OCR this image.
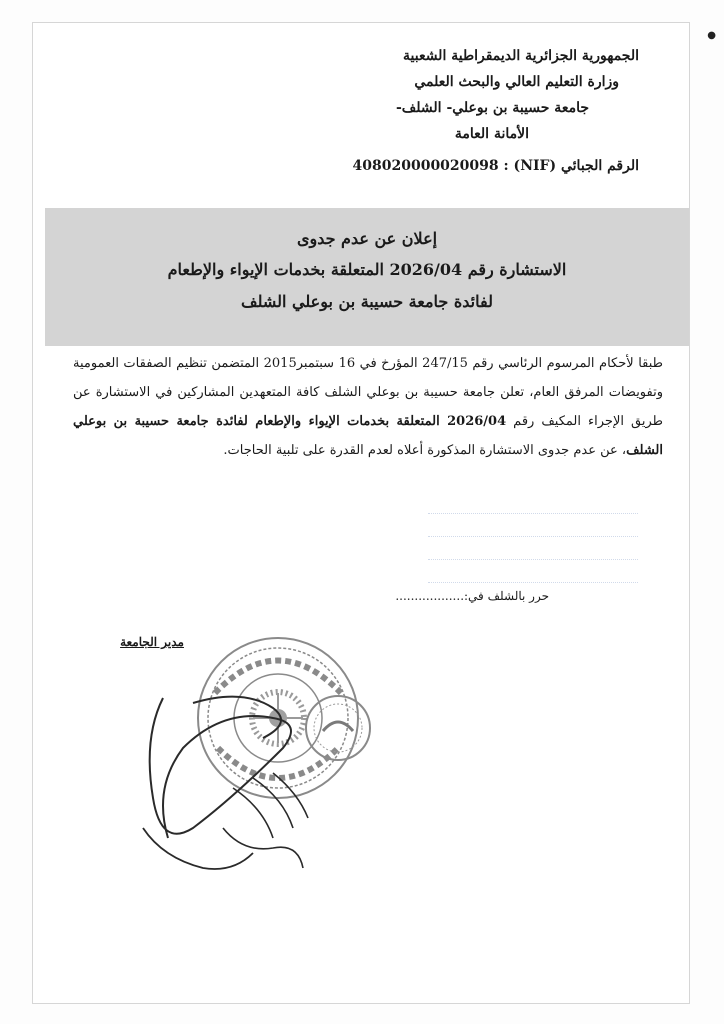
●
الجمهورية الجزائرية الديمقراطية الشعبية
وزارة التعليم العالي والبحث العلمي
جامعة حسيبة بن بوعلي- الشلف-
الأمانة العامة
الرقم الجبائي (NIF) : 408020000020098
إعلان عن عدم جدوى
الاستشارة رقم 2026/04 المتعلقة بخدمات الإيواء والإطعام
لفائدة جامعة حسيبة بن بوعلي الشلف
طبقا لأحكام المرسوم الرئاسي رقم 247/15 المؤرخ في 16 سبتمبر2015 المتضمن تنظيم الصفقات العمومية وتفويضات المرفق العام، تعلن جامعة حسيبة بن بوعلي الشلف كافة المتعهدين المشاركين في الاستشارة عن طريق الإجراء المكيف رقم 2026/04 المتعلقة بخدمات الإيواء والإطعام لفائدة جامعة حسيبة بن بوعلي الشلف، عن عدم جدوى الاستشارة المذكورة أعلاه لعدم القدرة على تلبية الحاجات.
حرر بالشلف في:..................
مدير الجامعة
